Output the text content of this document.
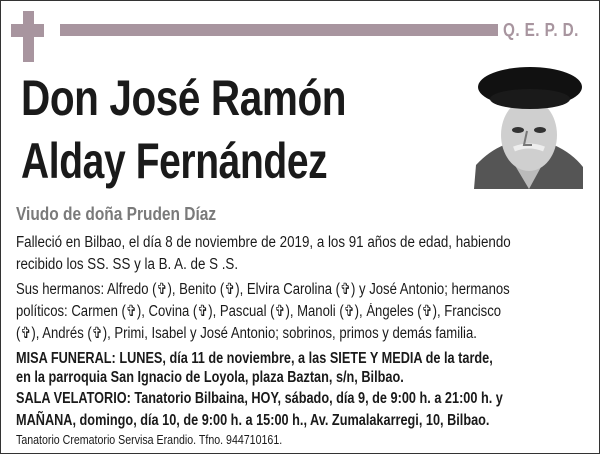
Q. E. P. D.
Don José Ramón
Alday Fernández
Viudo de doña Pruden Díaz
Falleció en Bilbao, el día 8 de noviembre de 2019, a los 91 años de edad, habiendo
recibido los SS. SS y la B. A. de S .S.
Sus hermanos: Alfredo (✞), Benito (✞), Elvira Carolina (✞) y José Antonio; hermanos
políticos: Carmen (✞), Covina (✞), Pascual (✞), Manoli (✞), Ángeles (✞), Francisco
(✞), Andrés (✞), Primi, Isabel y José Antonio; sobrinos, primos y demás familia.
MISA FUNERAL: LUNES, día 11 de noviembre, a las SIETE Y MEDIA de la tarde,
en la parroquia San Ignacio de Loyola, plaza Baztan, s/n, Bilbao.
SALA VELATORIO: Tanatorio Bilbaina, HOY, sábado, día 9, de 9:00 h. a 21:00 h. y
MAÑANA, domingo, día 10, de 9:00 h. a 15:00 h., Av. Zumalakarregi, 10, Bilbao.
Tanatorio Crematorio Servisa Erandio. Tfno. 944710161.
